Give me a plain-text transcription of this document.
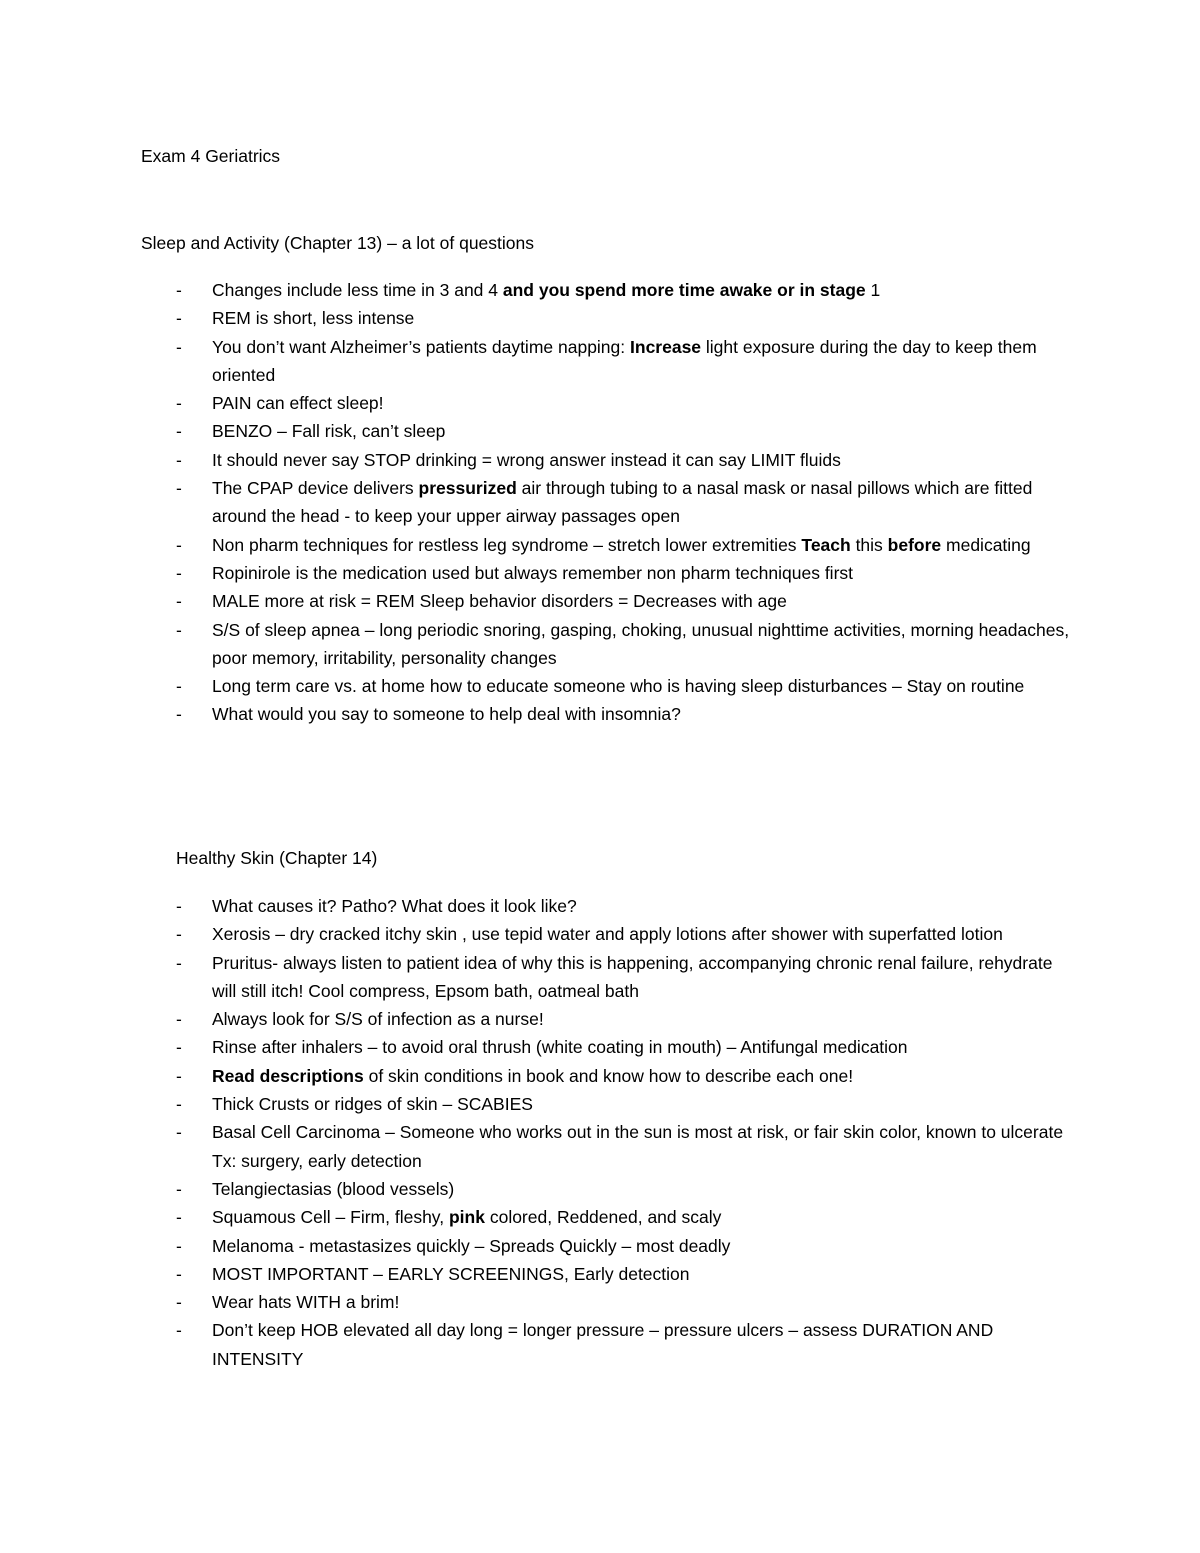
Exam 4 Geriatrics
Sleep and Activity (Chapter 13) – a lot of questions
- Changes include less time in 3 and 4 and you spend more time awake or in stage 1
- REM is short, less intense
- You don’t want Alzheimer’s patients daytime napping: Increase light exposure during the day to keep them oriented
- PAIN can effect sleep!
- BENZO – Fall risk, can’t sleep
- It should never say STOP drinking = wrong answer instead it can say LIMIT fluids
- The CPAP device delivers pressurized air through tubing to a nasal mask or nasal pillows which are fitted around the head - to keep your upper airway passages open
- Non pharm techniques for restless leg syndrome – stretch lower extremities Teach this before medicating
- Ropinirole is the medication used but always remember non pharm techniques first
- MALE more at risk = REM Sleep behavior disorders = Decreases with age
- S/S of sleep apnea – long periodic snoring, gasping, choking, unusual nighttime activities, morning headaches, poor memory, irritability, personality changes
- Long term care vs. at home how to educate someone who is having sleep disturbances – Stay on routine
- What would you say to someone to help deal with insomnia?
Healthy Skin (Chapter 14)
- What causes it? Patho? What does it look like?
- Xerosis – dry cracked itchy skin , use tepid water and apply lotions after shower with superfatted lotion
- Pruritus- always listen to patient idea of why this is happening, accompanying chronic renal failure, rehydrate will still itch! Cool compress, Epsom bath, oatmeal bath
- Always look for S/S of infection as a nurse!
- Rinse after inhalers – to avoid oral thrush (white coating in mouth) – Antifungal medication
- Read descriptions of skin conditions in book and know how to describe each one!
- Thick Crusts or ridges of skin – SCABIES
- Basal Cell Carcinoma – Someone who works out in the sun is most at risk, or fair skin color, known to ulcerate Tx: surgery, early detection
- Telangiectasias (blood vessels)
- Squamous Cell – Firm, fleshy, pink colored, Reddened, and scaly
- Melanoma - metastasizes quickly – Spreads Quickly – most deadly
- MOST IMPORTANT – EARLY SCREENINGS, Early detection
- Wear hats WITH a brim!
- Don’t keep HOB elevated all day long = longer pressure – pressure ulcers – assess DURATION AND INTENSITY
